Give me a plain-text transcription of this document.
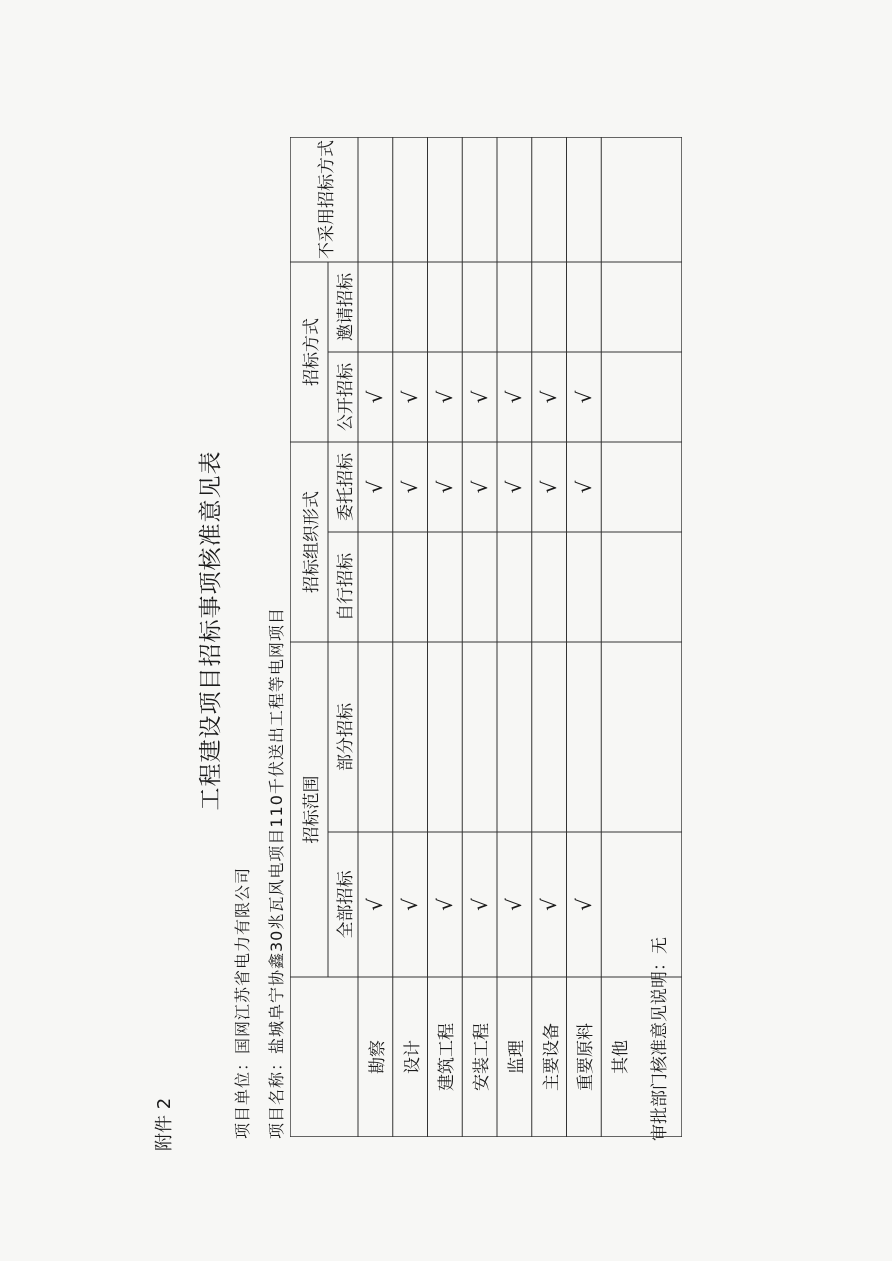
附件 2
工程建设项目招标事项核准意见表
项目单位：国网江苏省电力有限公司 项目名称：盐城阜宁协鑫30兆瓦风电项目110千伏送出工程等电网项目 招标范围
招标组织形式
招标方式
不采用招标方式
全部招标
部分招标
自行招标
委托招标
公开招标
邀请招标
勘察
√
√
√
设计
√
√
√
建筑工程
√
√
√
安装工程
√
√
√
监理
√
√
√
主要设备
√
√
√
重要原料
√
√
√
其他 审批部门核准意见说明：无
